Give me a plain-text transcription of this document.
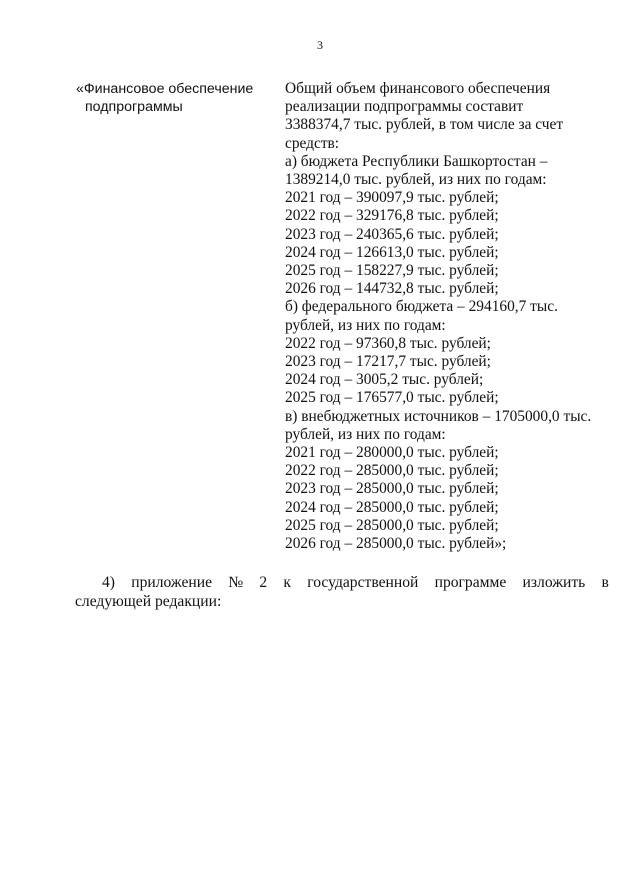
3
«Финансовое обеспечение
подпрограммы
Общий объем финансового обеспечения
реализации подпрограммы составит
3388374,7 тыс. рублей, в том числе за счет
средств:
а) бюджета Республики Башкортостан –
1389214,0 тыс. рублей, из них по годам:
2021 год – 390097,9 тыс. рублей;
2022 год – 329176,8 тыс. рублей;
2023 год – 240365,6 тыс. рублей;
2024 год – 126613,0 тыс. рублей;
2025 год – 158227,9 тыс. рублей;
2026 год – 144732,8 тыс. рублей;
б) федерального бюджета – 294160,7 тыс.
рублей, из них по годам:
2022 год – 97360,8 тыс. рублей;
2023 год – 17217,7 тыс. рублей;
2024 год – 3005,2 тыс. рублей;
2025 год – 176577,0 тыс. рублей;
в) внебюджетных источников – 1705000,0 тыс.
рублей, из них по годам:
2021 год – 280000,0 тыс. рублей;
2022 год – 285000,0 тыс. рублей;
2023 год – 285000,0 тыс. рублей;
2024 год – 285000,0 тыс. рублей;
2025 год – 285000,0 тыс. рублей;
2026 год – 285000,0 тыс. рублей»;
4) приложение № 2 к государственной программе изложить в
следующей редакции:
